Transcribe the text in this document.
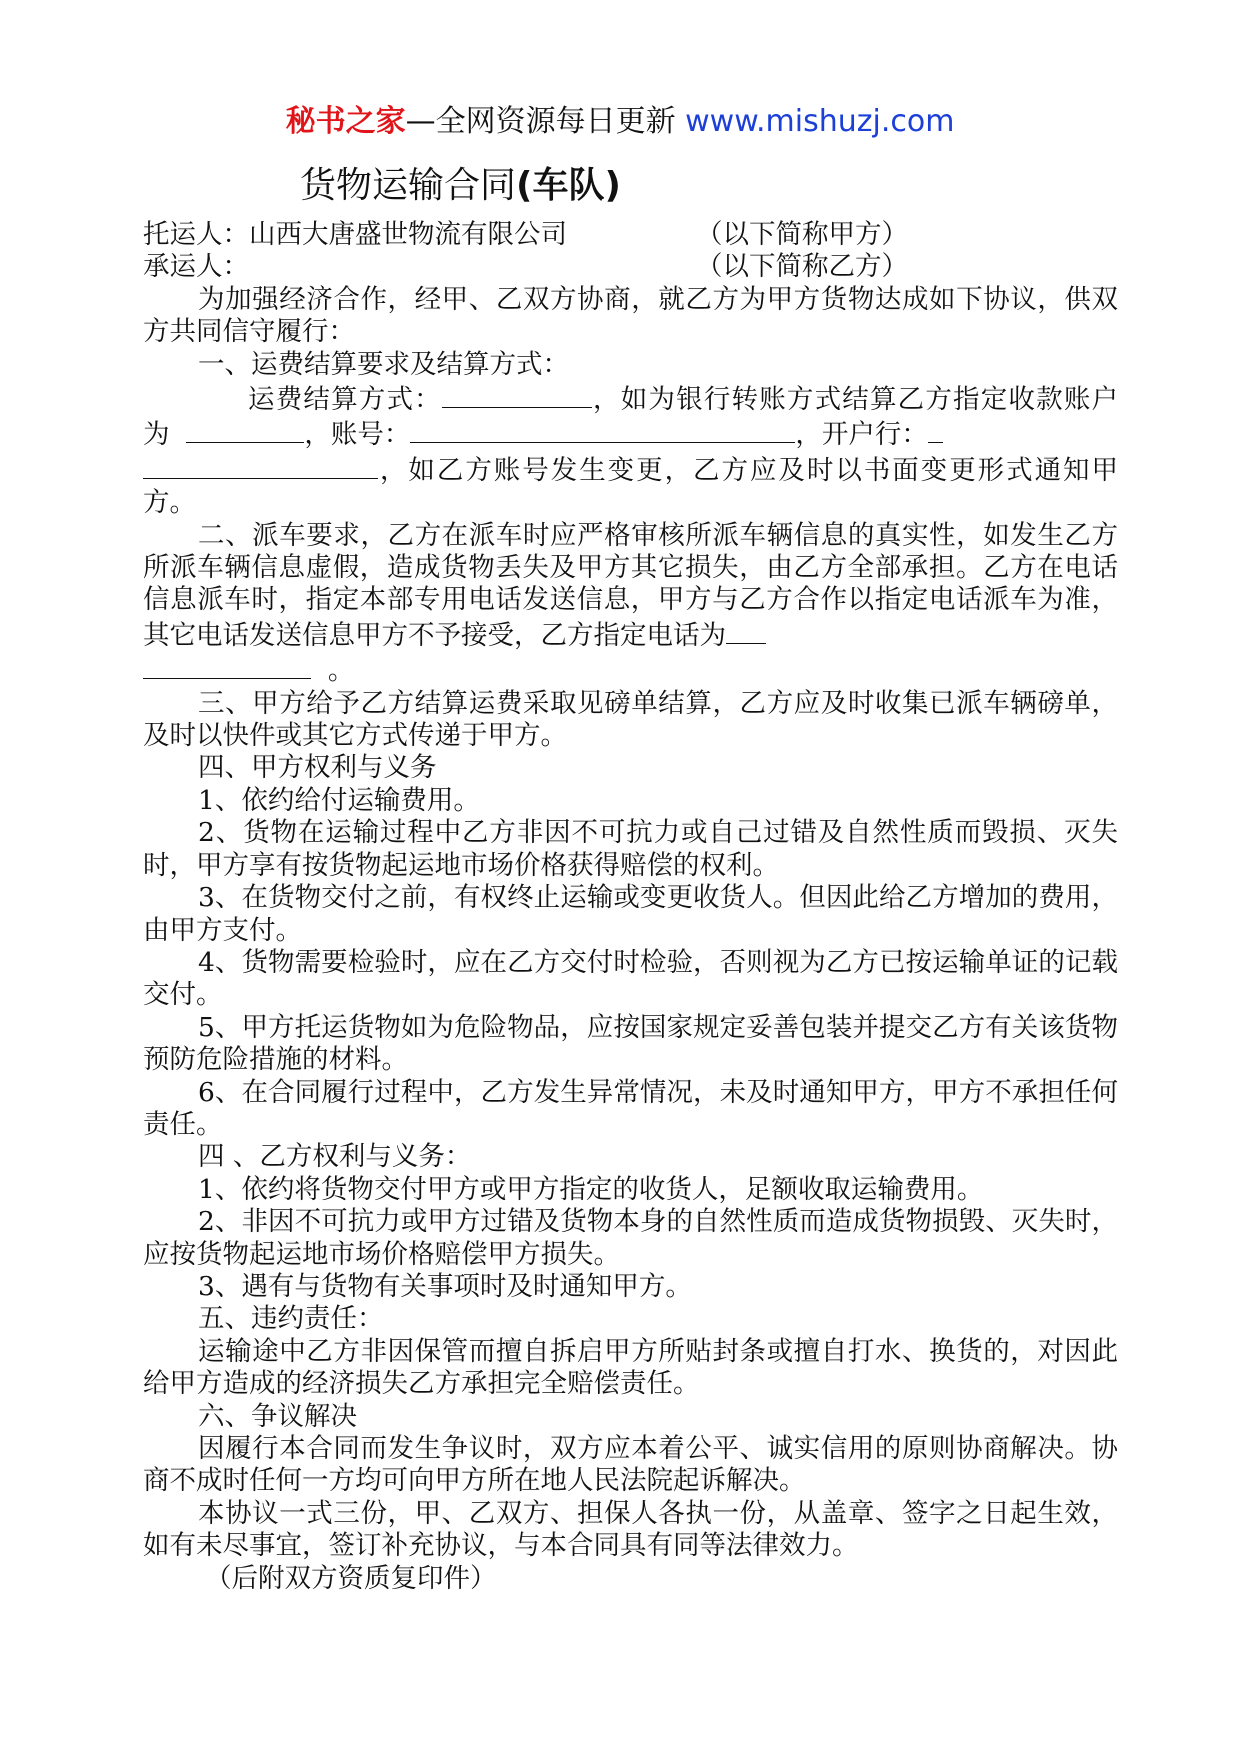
秘书之家—全网资源每日更新 www.mishuzj.com
货物运输合同(车队)
托运人：山西大唐盛世物流有限公司	（以下简称甲方）
承运人：	（以下简称乙方）

为加强经济合作，经甲、乙双方协商，就乙方为甲方货物达成如下协议，供双方共同信守履行：

一、运费结算要求及结算方式：

运费结算方式：	，如为银行转账方式结算乙方指定收款账户为	，账号：	，开户行：
，如乙方账号发生变更，乙方应及时以书面变更形式通知甲方。

二、派车要求，乙方在派车时应严格审核所派车辆信息的真实性，如发生乙方所派车辆信息虚假，造成货物丢失及甲方其它损失，由乙方全部承担。乙方在电话信息派车时，指定本部专用电话发送信息，甲方与乙方合作以指定电话派车为准，其它电话发送信息甲方不予接受，乙方指定电话为
。

三、甲方给予乙方结算运费采取见磅单结算，乙方应及时收集已派车辆磅单，及时以快件或其它方式传递于甲方。

四、甲方权利与义务

1、依约给付运输费用。

2、货物在运输过程中乙方非因不可抗力或自己过错及自然性质而毁损、灭失时，甲方享有按货物起运地市场价格获得赔偿的权利。

3、在货物交付之前，有权终止运输或变更收货人。但因此给乙方增加的费用，由甲方支付。

4、货物需要检验时，应在乙方交付时检验，否则视为乙方已按运输单证的记载交付。

5、甲方托运货物如为危险物品，应按国家规定妥善包装并提交乙方有关该货物预防危险措施的材料。

6、在合同履行过程中，乙方发生异常情况，未及时通知甲方，甲方不承担任何责任。

四 、乙方权利与义务：

1、依约将货物交付甲方或甲方指定的收货人，足额收取运输费用。

2、非因不可抗力或甲方过错及货物本身的自然性质而造成货物损毁、灭失时，应按货物起运地市场价格赔偿甲方损失。

3、遇有与货物有关事项时及时通知甲方。

五、违约责任：

运输途中乙方非因保管而擅自拆启甲方所贴封条或擅自打水、换货的，对因此给甲方造成的经济损失乙方承担完全赔偿责任。

六、争议解决

因履行本合同而发生争议时，双方应本着公平、诚实信用的原则协商解决。协商不成时任何一方均可向甲方所在地人民法院起诉解决。

本协议一式三份，甲、乙双方、担保人各执一份，从盖章、签字之日起生效，如有未尽事宜，签订补充协议，与本合同具有同等法律效力。

（后附双方资质复印件）
